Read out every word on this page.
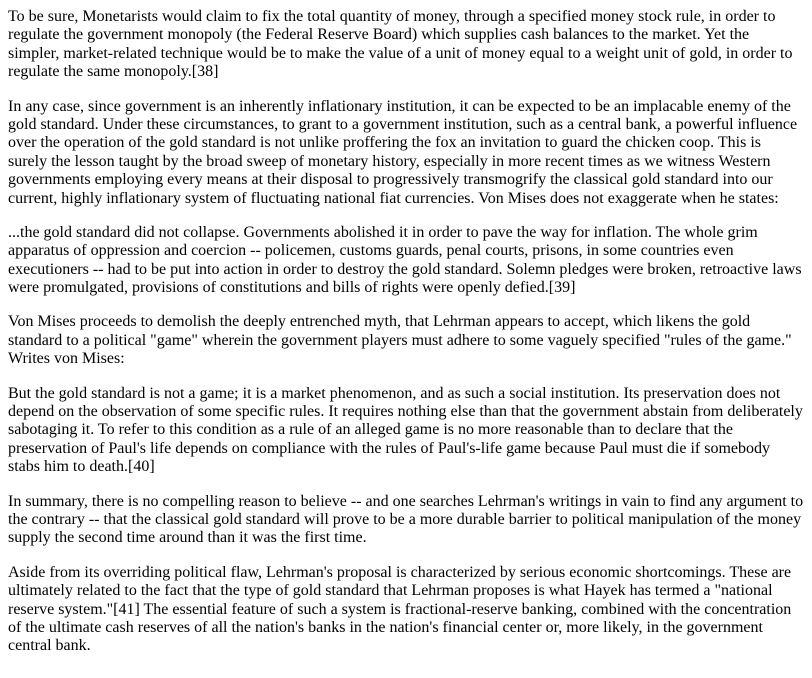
To be sure, Monetarists would claim to fix the total quantity of money, through a specified money stock rule, in order to regulate the government monopoly (the Federal Reserve Board) which supplies cash balances to the market. Yet the simpler, market-related technique would be to make the value of a unit of money equal to a weight unit of gold, in order to regulate the same monopoly.[38]

In any case, since government is an inherently inflationary institution, it can be expected to be an implacable enemy of the gold standard. Under these circumstances, to grant to a government institution, such as a central bank, a powerful influence over the operation of the gold standard is not unlike proffering the fox an invitation to guard the chicken coop. This is surely the lesson taught by the broad sweep of monetary history, especially in more recent times as we witness Western governments employing every means at their disposal to progressively transmogrify the classical gold standard into our current, highly inflationary system of fluctuating national fiat currencies. Von Mises does not exaggerate when he states:

...the gold standard did not collapse. Governments abolished it in order to pave the way for inflation. The whole grim apparatus of oppression and coercion -- policemen, customs guards, penal courts, prisons, in some countries even executioners -- had to be put into action in order to destroy the gold standard. Solemn pledges were broken, retroactive laws were promulgated, provisions of constitutions and bills of rights were openly defied.[39]

Von Mises proceeds to demolish the deeply entrenched myth, that Lehrman appears to accept, which likens the gold standard to a political "game" wherein the government players must adhere to some vaguely specified "rules of the game." Writes von Mises:

But the gold standard is not a game; it is a market phenomenon, and as such a social institution. Its preservation does not depend on the observation of some specific rules. It requires nothing else than that the government abstain from deliberately sabotaging it. To refer to this condition as a rule of an alleged game is no more reasonable than to declare that the preservation of Paul's life depends on compliance with the rules of Paul's-life game because Paul must die if somebody stabs him to death.[40]

In summary, there is no compelling reason to believe -- and one searches Lehrman's writings in vain to find any argument to the contrary -- that the classical gold standard will prove to be a more durable barrier to political manipulation of the money supply the second time around than it was the first time.

Aside from its overriding political flaw, Lehrman's proposal is characterized by serious economic shortcomings. These are ultimately related to the fact that the type of gold standard that Lehrman proposes is what Hayek has termed a "national reserve system."[41] The essential feature of such a system is fractional-reserve banking, combined with the concentration of the ultimate cash reserves of all the nation's banks in the nation's financial center or, more likely, in the government central bank.
